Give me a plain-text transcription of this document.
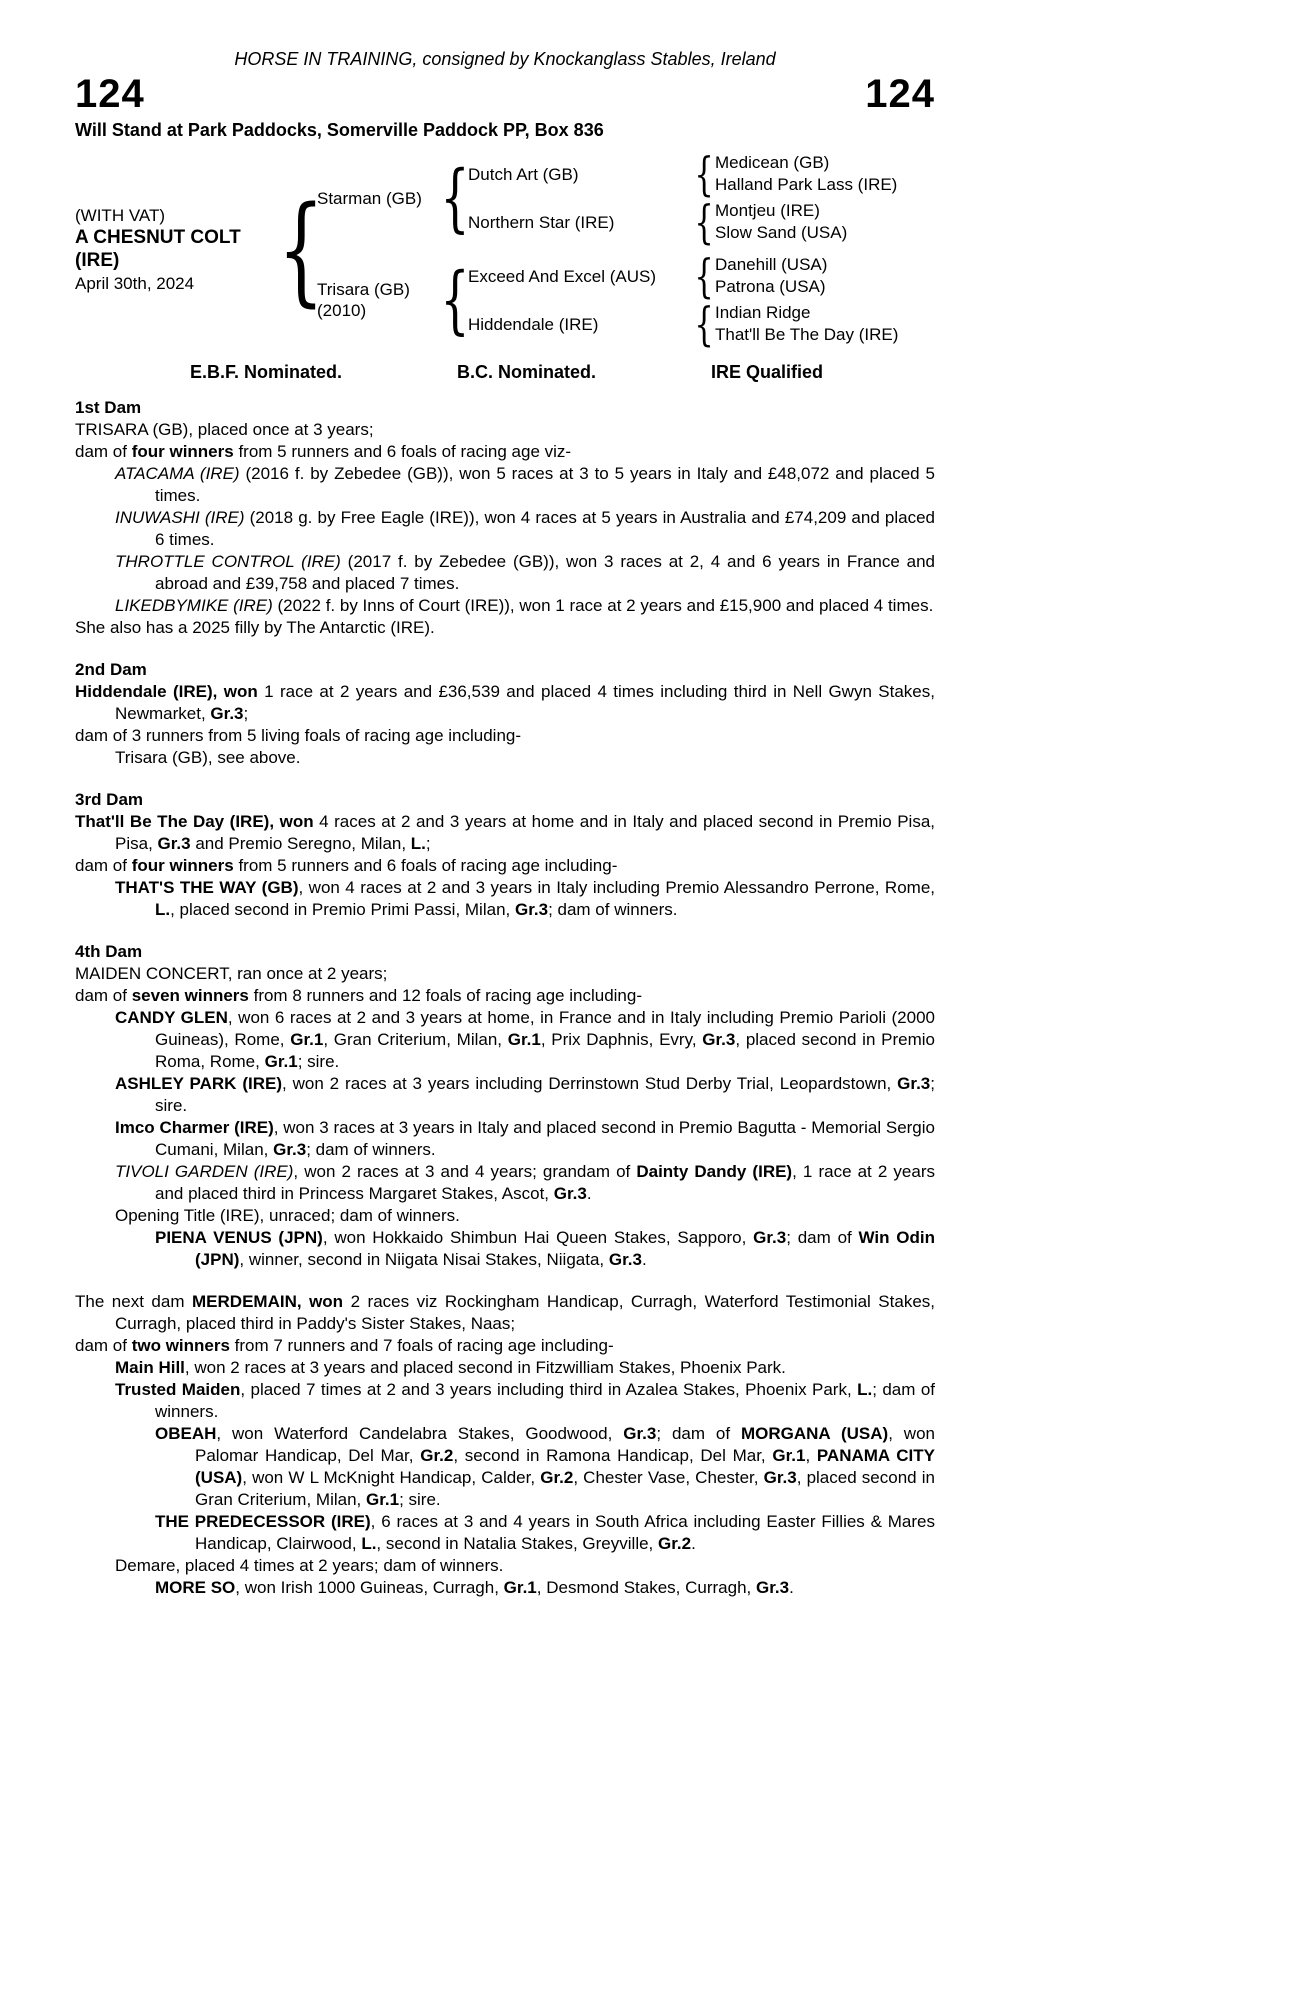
HORSE IN TRAINING, consigned by Knockanglass Stables, Ireland
124	124
Will Stand at Park Paddocks, Somerville Paddock PP, Box 836
(WITH VAT)
A CHESNUT COLT
(IRE)
April 30th, 2024 {
Starman (GB) {
Dutch Art (GB)	{ Medicean (GB)
Halland Park Lass (IRE)
Northern Star (IRE)	{ Montjeu (IRE)
Slow Sand (USA)
Trisara (GB)
(2010)	{
Exceed And Excel (AUS) { Danehill (USA)
Patrona (USA)
Hiddendale (IRE)	{ Indian Ridge
That'll Be The Day (IRE)
E.B.F. Nominated.	B.C. Nominated.	IRE Qualified
1st Dam
TRISARA (GB), placed once at 3 years;
dam of four winners from 5 runners and 6 foals of racing age viz-
ATACAMA (IRE) (2016 f. by Zebedee (GB)), won 5 races at 3 to 5 years in Italy and £48,072 and placed 5 times.
INUWASHI (IRE) (2018 g. by Free Eagle (IRE)), won 4 races at 5 years in Australia and £74,209 and placed 6 times.
THROTTLE CONTROL (IRE) (2017 f. by Zebedee (GB)), won 3 races at 2, 4 and 6 years in France and abroad and £39,758 and placed 7 times.
LIKEDBYMIKE (IRE) (2022 f. by Inns of Court (IRE)), won 1 race at 2 years and £15,900 and placed 4 times.
She also has a 2025 filly by The Antarctic (IRE).
2nd Dam
Hiddendale (IRE), won 1 race at 2 years and £36,539 and placed 4 times including third in Nell Gwyn Stakes, Newmarket, Gr.3;
dam of 3 runners from 5 living foals of racing age including-
Trisara (GB), see above.
3rd Dam
That'll Be The Day (IRE), won 4 races at 2 and 3 years at home and in Italy and placed second in Premio Pisa, Pisa, Gr.3 and Premio Seregno, Milan, L.;
dam of four winners from 5 runners and 6 foals of racing age including-
THAT'S THE WAY (GB), won 4 races at 2 and 3 years in Italy including Premio Alessandro Perrone, Rome, L., placed second in Premio Primi Passi, Milan, Gr.3; dam of winners.
4th Dam
MAIDEN CONCERT, ran once at 2 years;
dam of seven winners from 8 runners and 12 foals of racing age including-
CANDY GLEN, won 6 races at 2 and 3 years at home, in France and in Italy including Premio Parioli (2000 Guineas), Rome, Gr.1, Gran Criterium, Milan, Gr.1, Prix Daphnis, Evry, Gr.3, placed second in Premio Roma, Rome, Gr.1; sire.
ASHLEY PARK (IRE), won 2 races at 3 years including Derrinstown Stud Derby Trial, Leopardstown, Gr.3; sire.
Imco Charmer (IRE), won 3 races at 3 years in Italy and placed second in Premio Bagutta - Memorial Sergio Cumani, Milan, Gr.3; dam of winners.
TIVOLI GARDEN (IRE), won 2 races at 3 and 4 years; grandam of Dainty Dandy (IRE), 1 race at 2 years and placed third in Princess Margaret Stakes, Ascot, Gr.3.
Opening Title (IRE), unraced; dam of winners.
PIENA VENUS (JPN), won Hokkaido Shimbun Hai Queen Stakes, Sapporo, Gr.3; dam of Win Odin (JPN), winner, second in Niigata Nisai Stakes, Niigata, Gr.3.
The next dam MERDEMAIN, won 2 races viz Rockingham Handicap, Curragh, Waterford Testimonial Stakes, Curragh, placed third in Paddy's Sister Stakes, Naas;
dam of two winners from 7 runners and 7 foals of racing age including-
Main Hill, won 2 races at 3 years and placed second in Fitzwilliam Stakes, Phoenix Park.
Trusted Maiden, placed 7 times at 2 and 3 years including third in Azalea Stakes, Phoenix Park, L.; dam of winners.
OBEAH, won Waterford Candelabra Stakes, Goodwood, Gr.3; dam of MORGANA (USA), won Palomar Handicap, Del Mar, Gr.2, second in Ramona Handicap, Del Mar, Gr.1, PANAMA CITY (USA), won W L McKnight Handicap, Calder, Gr.2, Chester Vase, Chester, Gr.3, placed second in Gran Criterium, Milan, Gr.1; sire.
THE PREDECESSOR (IRE), 6 races at 3 and 4 years in South Africa including Easter Fillies & Mares Handicap, Clairwood, L., second in Natalia Stakes, Greyville, Gr.2.
Demare, placed 4 times at 2 years; dam of winners.
MORE SO, won Irish 1000 Guineas, Curragh, Gr.1, Desmond Stakes, Curragh, Gr.3.
